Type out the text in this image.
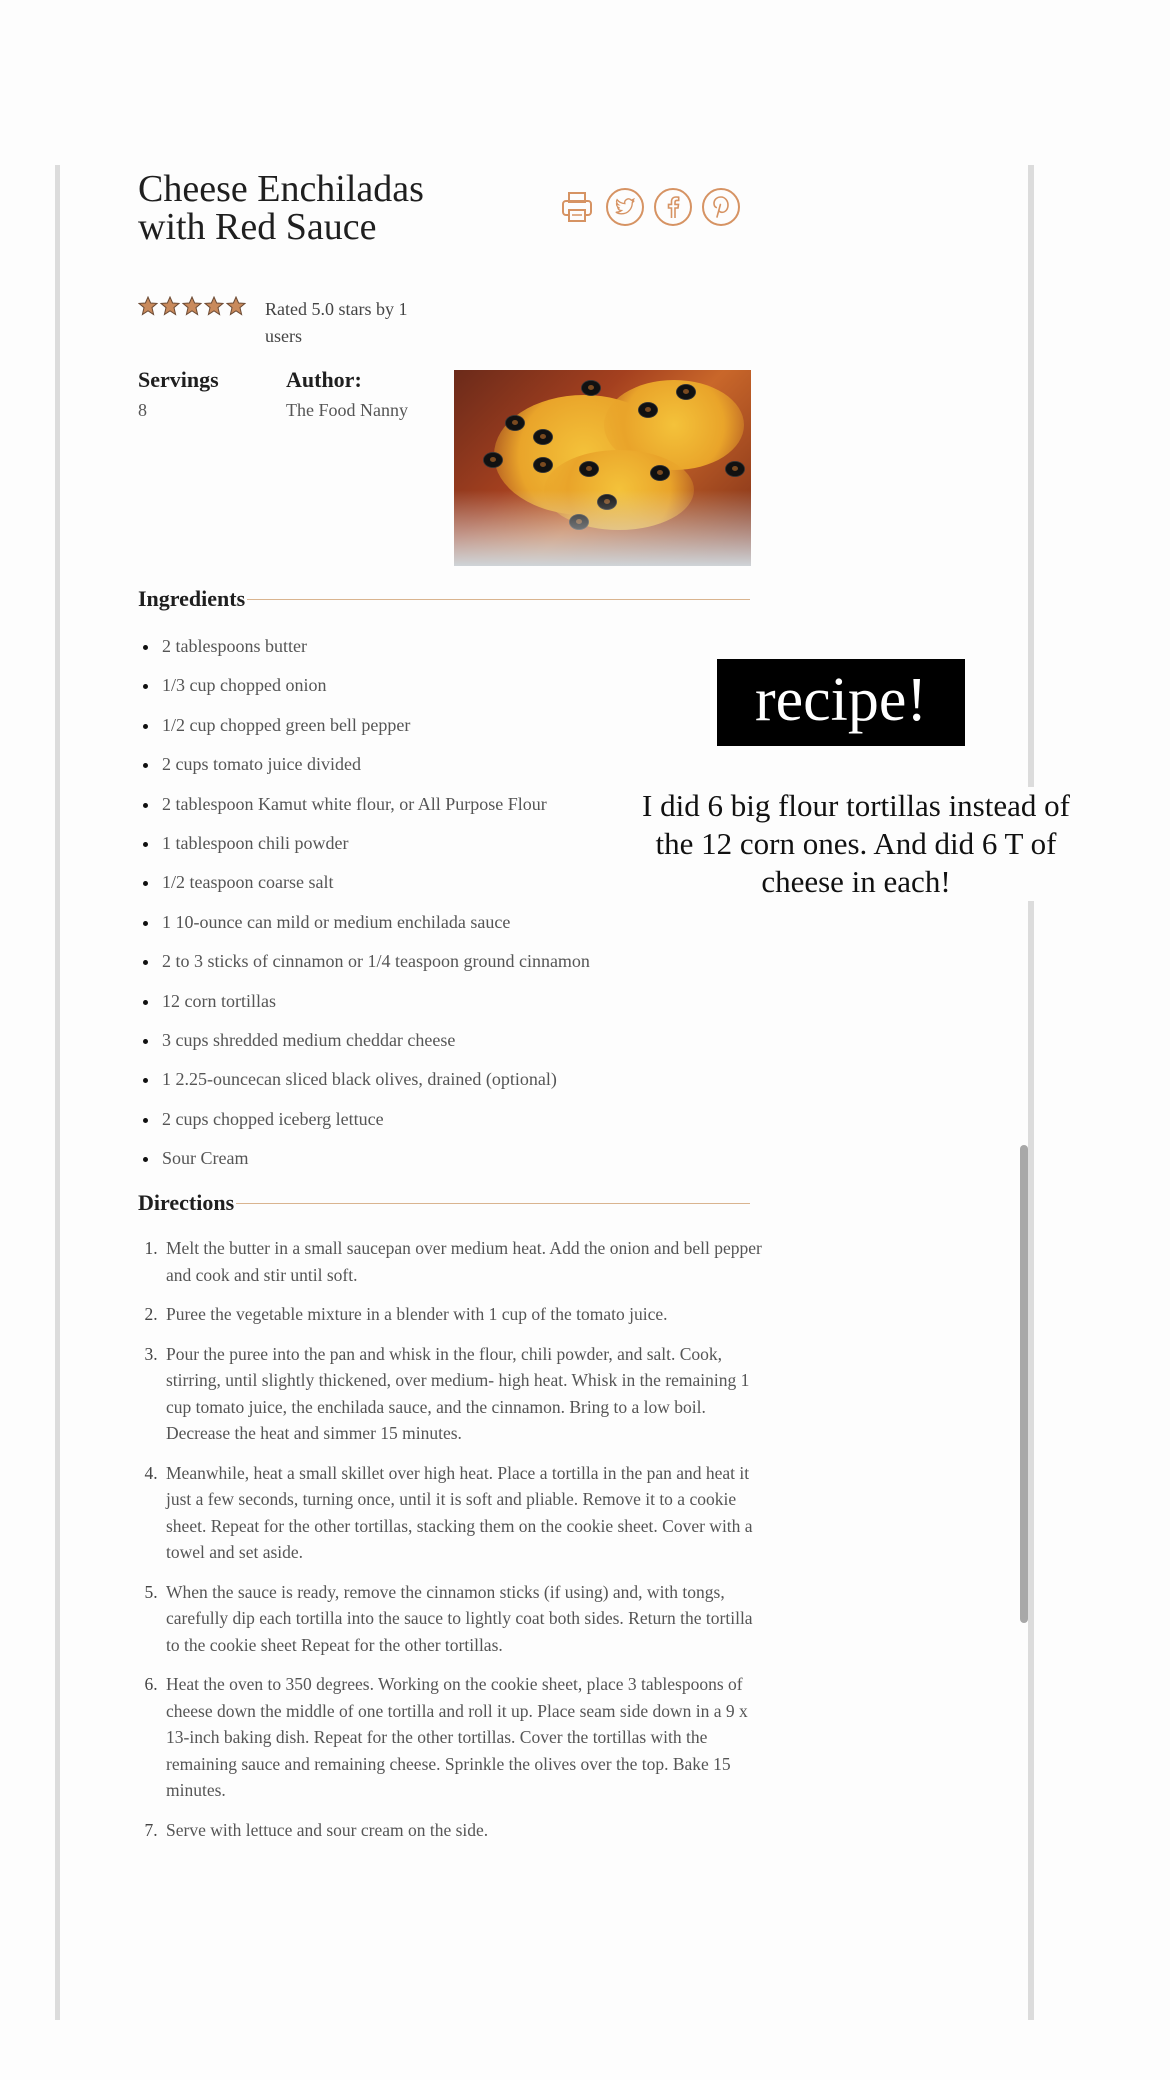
Cheese Enchiladas with Red Sauce
Rated 5.0 stars by 1 users
Servings
8
Author:
The Food Nanny
Ingredients
• 2 tablespoons butter
• 1/3 cup chopped onion
• 1/2 cup chopped green bell pepper
• 2 cups tomato juice divided
• 2 tablespoon Kamut white flour, or All Purpose Flour
• 1 tablespoon chili powder
• 1/2 teaspoon coarse salt
• 1 10-ounce can mild or medium enchilada sauce
• 2 to 3 sticks of cinnamon or 1/4 teaspoon ground cinnamon
• 12 corn tortillas
• 3 cups shredded medium cheddar cheese
• 1 2.25-ouncecan sliced black olives, drained (optional)
• 2 cups chopped iceberg lettuce
• Sour Cream
Directions
1. Melt the butter in a small saucepan over medium heat. Add the onion and bell pepper and cook and stir until soft.
2. Puree the vegetable mixture in a blender with 1 cup of the tomato juice.
3. Pour the puree into the pan and whisk in the flour, chili powder, and salt. Cook, stirring, until slightly thickened, over medium- high heat. Whisk in the remaining 1 cup tomato juice, the enchilada sauce, and the cinnamon. Bring to a low boil. Decrease the heat and simmer 15 minutes.
4. Meanwhile, heat a small skillet over high heat. Place a tortilla in the pan and heat it just a few seconds, turning once, until it is soft and pliable. Remove it to a cookie sheet. Repeat for the other tortillas, stacking them on the cookie sheet. Cover with a towel and set aside.
5. When the sauce is ready, remove the cinnamon sticks (if using) and, with tongs, carefully dip each tortilla into the sauce to lightly coat both sides. Return the tortilla to the cookie sheet Repeat for the other tortillas.
6. Heat the oven to 350 degrees. Working on the cookie sheet, place 3 tablespoons of cheese down the middle of one tortilla and roll it up. Place seam side down in a 9 x 13-inch baking dish. Repeat for the other tortillas. Cover the tortillas with the remaining sauce and remaining cheese. Sprinkle the olives over the top. Bake 15 minutes.
7. Serve with lettuce and sour cream on the side.
recipe!
I did 6 big flour tortillas instead of the 12 corn ones. And did 6 T of cheese in each!
